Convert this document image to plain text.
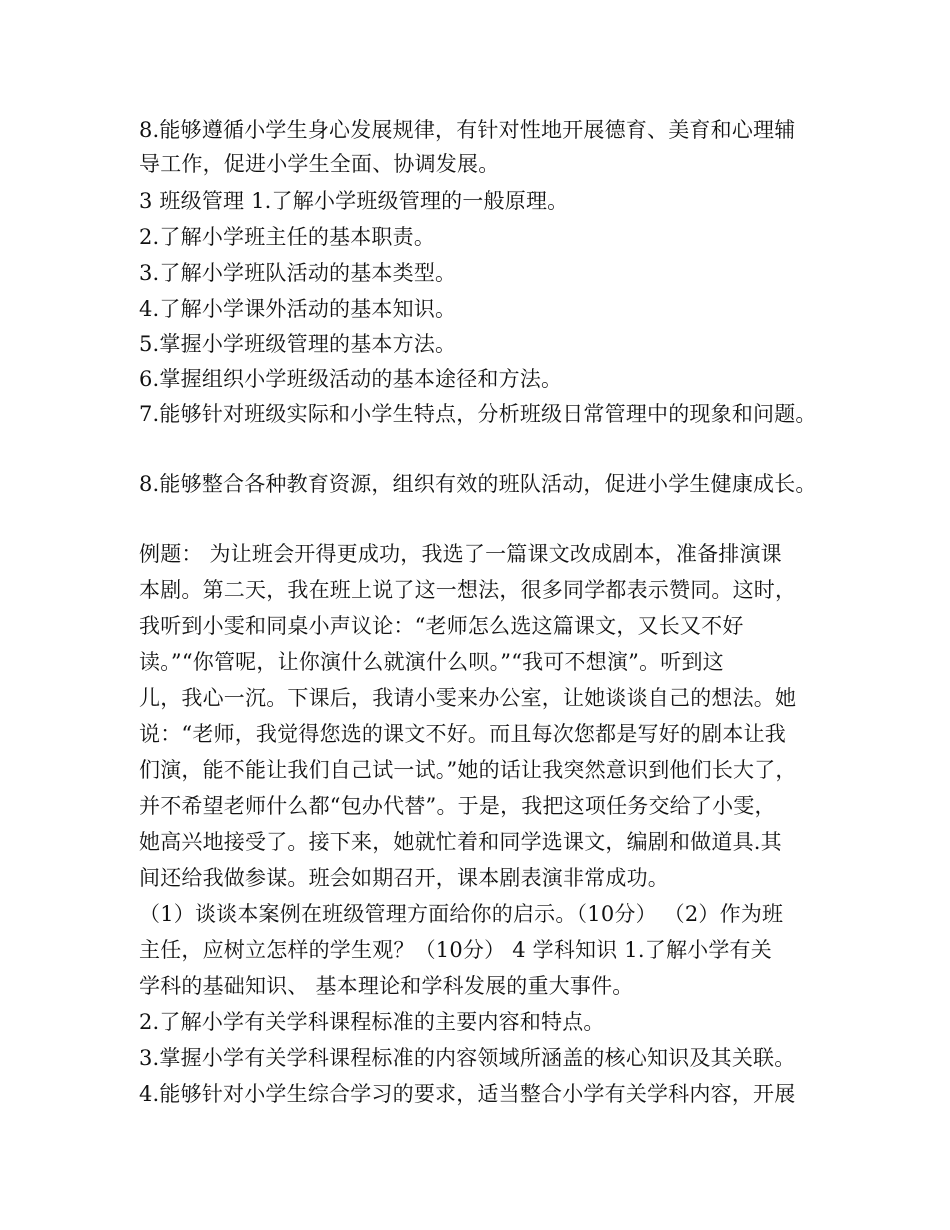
8.能够遵循小学生身心发展规律，有针对性地开展德育、美育和心理辅
导工作，促进小学生全面、协调发展。
3 班级管理 1.了解小学班级管理的一般原理。
2.了解小学班主任的基本职责。
3.了解小学班队活动的基本类型。
4.了解小学课外活动的基本知识。
5.掌握小学班级管理的基本方法。
6.掌握组织小学班级活动的基本途径和方法。
7.能够针对班级实际和小学生特点，分析班级日常管理中的现象和问题。
8.能够整合各种教育资源，组织有效的班队活动，促进小学生健康成长。
例题： 为让班会开得更成功，我选了一篇课文改成剧本，准备排演课
本剧。第二天，我在班上说了这一想法，很多同学都表示赞同。这时，
我听到小雯和同桌小声议论：“老师怎么选这篇课文，又长又不好
读。”“你管呢，让你演什么就演什么呗。”“我可不想演”。听到这
儿，我心一沉。下课后，我请小雯来办公室，让她谈谈自己的想法。她
说：“老师，我觉得您选的课文不好。而且每次您都是写好的剧本让我
们演，能不能让我们自己试一试。”她的话让我突然意识到他们长大了，
并不希望老师什么都“包办代替”。于是，我把这项任务交给了小雯，
她高兴地接受了。接下来，她就忙着和同学选课文，编剧和做道具.其
间还给我做参谋。班会如期召开，课本剧表演非常成功。
（1）谈谈本案例在班级管理方面给你的启示。（10分） （2）作为班
主任，应树立怎样的学生观？（10分） 4 学科知识 1.了解小学有关
学科的基础知识、 基本理论和学科发展的重大事件。
2.了解小学有关学科课程标准的主要内容和特点。
3.掌握小学有关学科课程标准的内容领域所涵盖的核心知识及其关联。
4.能够针对小学生综合学习的要求，适当整合小学有关学科内容，开展
